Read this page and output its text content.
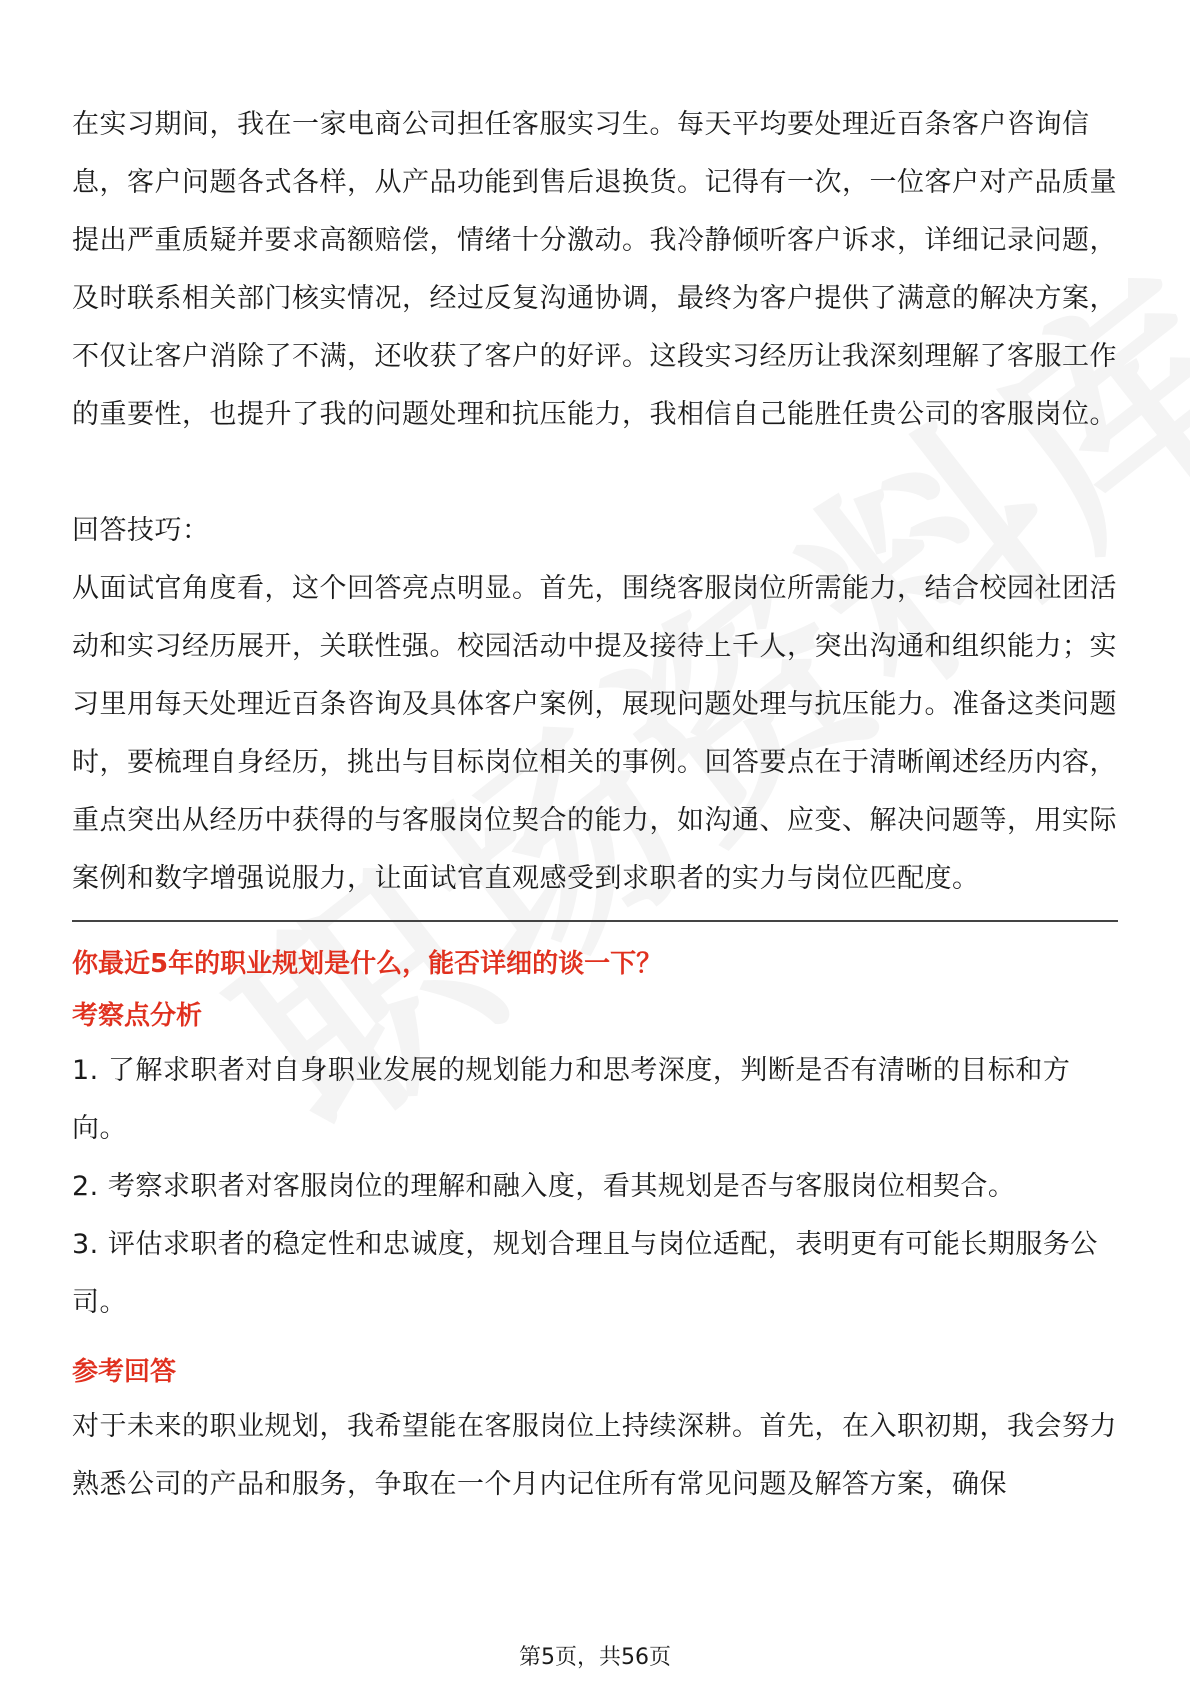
在实习期间，我在一家电商公司担任客服实习生。每天平均要处理近百条客户咨询信息，客户问题各式各样，从产品功能到售后退换货。记得有一次，一位客户对产品质量提出严重质疑并要求高额赔偿，情绪十分激动。我冷静倾听客户诉求，详细记录问题，及时联系相关部门核实情况，经过反复沟通协调，最终为客户提供了满意的解决方案，不仅让客户消除了不满，还收获了客户的好评。这段实习经历让我深刻理解了客服工作的重要性，也提升了我的问题处理和抗压能力，我相信自己能胜任贵公司的客服岗位。

回答技巧：

从面试官角度看，这个回答亮点明显。首先，围绕客服岗位所需能力，结合校园社团活动和实习经历展开，关联性强。校园活动中提及接待上千人，突出沟通和组织能力；实习里用每天处理近百条咨询及具体客户案例，展现问题处理与抗压能力。准备这类问题时，要梳理自身经历，挑出与目标岗位相关的事例。回答要点在于清晰阐述经历内容，重点突出从经历中获得的与客服岗位契合的能力，如沟通、应变、解决问题等，用实际案例和数字增强说服力，让面试官直观感受到求职者的实力与岗位匹配度。

你最近5年的职业规划是什么，能否详细的谈一下？

考察点分析

1. 了解求职者对自身职业发展的规划能力和思考深度，判断是否有清晰的目标和方向。

2. 考察求职者对客服岗位的理解和融入度，看其规划是否与客服岗位相契合。

3. 评估求职者的稳定性和忠诚度，规划合理且与岗位适配，表明更有可能长期服务公司。

参考回答

对于未来的职业规划，我希望能在客服岗位上持续深耕。首先，在入职初期，我会努力熟悉公司的产品和服务，争取在一个月内记住所有常见问题及解答方案，确保

第5页，共56页
